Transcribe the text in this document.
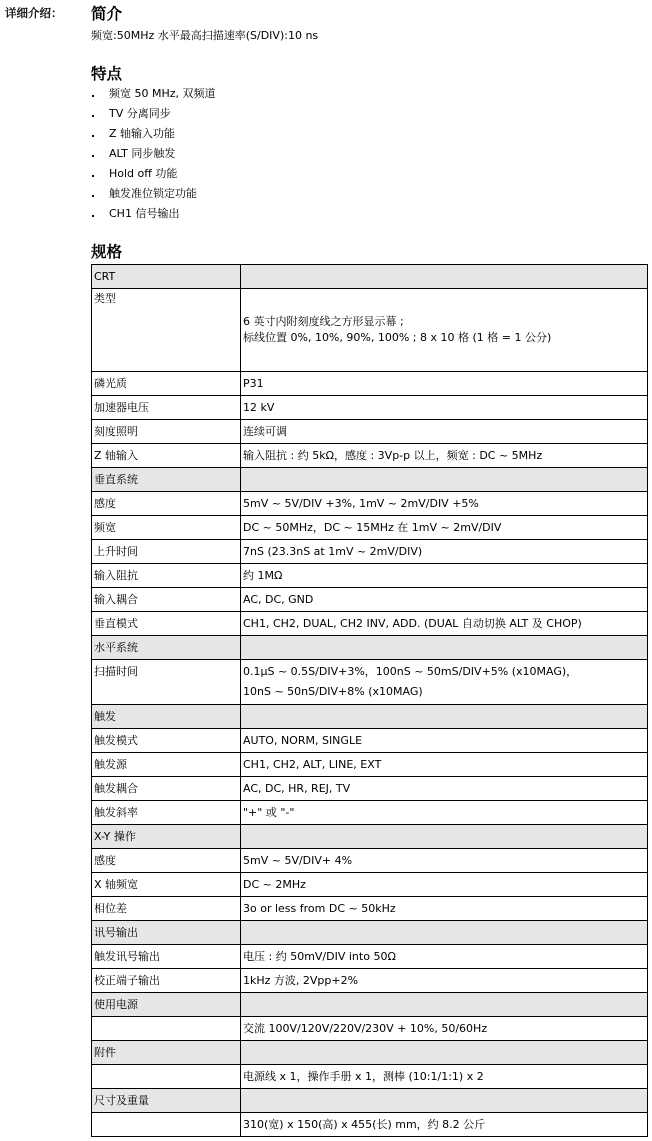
详细介绍： 简介
频宽:50MHz 水平最高扫描速率(S/DIV):10 ns
特点
. 频宽 50 MHz, 双频道
. TV 分离同步
. Z 轴输入功能
. ALT 同步触发
. Hold off 功能
. 触发准位锁定功能
. CH1 信号输出
规格
CRT	
类型	6 英寸内附刻度线之方形显示幕 ;
标线位置 0%, 10%, 90%, 100% ; 8 x 10 格 (1 格 = 1 公分)

磷光质	P31
加速器电压	12 kV
刻度照明	连续可调
Z 轴输入	输入阻抗 : 约 5kΩ，感度 : 3Vp-p 以上，频宽 : DC ~ 5MHz
垂直系统	
感度	5mV ~ 5V/DIV +3%, 1mV ~ 2mV/DIV +5%
频宽	DC ~ 50MHz，DC ~ 15MHz 在 1mV ~ 2mV/DIV
上升时间	7nS (23.3nS at 1mV ~ 2mV/DIV)
输入阻抗	约 1MΩ
输入耦合	AC, DC, GND
垂直模式	CH1, CH2, DUAL, CH2 INV, ADD. (DUAL 自动切换 ALT 及 CHOP)
水平系统	
扫描时间	0.1μS ~ 0.5S/DIV+3%，100nS ~ 50mS/DIV+5% (x10MAG)，
10nS ~ 50nS/DIV+8% (x10MAG)

触发	
触发模式	AUTO, NORM, SINGLE
触发源	CH1, CH2, ALT, LINE, EXT
触发耦合	AC, DC, HR, REJ, TV
触发斜率	"+" 或 "-"
X-Y 操作	
感度	5mV ~ 5V/DIV+ 4%
X 轴频宽	DC ~ 2MHz
相位差	3o or less from DC ~ 50kHz
讯号输出	
触发讯号输出	电压 : 约 50mV/DIV into 50Ω
校正端子输出	1kHz 方波, 2Vpp+2%
使用电源	
	交流 100V/120V/220V/230V + 10%, 50/60Hz
附件	
	电源线 x 1，操作手册 x 1，测棒 (10:1/1:1) x 2
尺寸及重量	
	310(宽) x 150(高) x 455(长) mm，约 8.2 公斤
